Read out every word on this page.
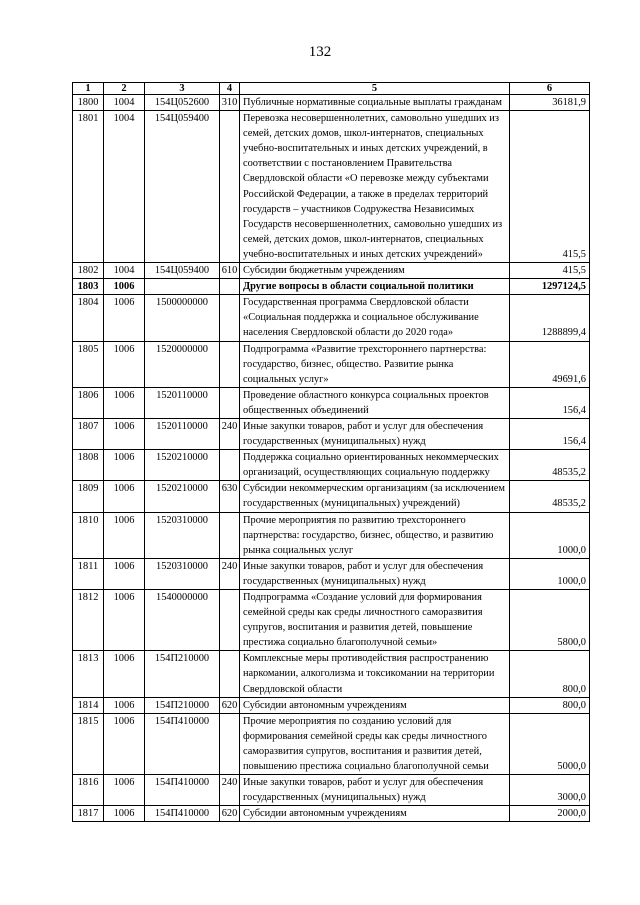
132
1	2	3	4	5	6
1800	1004	154Ц052600	310	Публичные нормативные социальные выплаты гражданам	36181,9
1801	1004	154Ц059400		Перевозка несовершеннолетних, самовольно ушедших из семей, детских домов, школ-интернатов, специальных учебно-воспитательных и иных детских учреждений, в соответствии с постановлением Правительства Свердловской области «О перевозке между субъектами Российской Федерации, а также в пределах территорий государств – участников Содружества Независимых Государств несовершеннолетних, самовольно ушедших из семей, детских домов, школ-интернатов, специальных учебно-воспитательных и иных детских учреждений»	415,5
1802	1004	154Ц059400	610	Субсидии бюджетным учреждениям	415,5
1803	1006			Другие вопросы в области социальной политики	1297124,5
1804	1006	1500000000		Государственная программа Свердловской области «Социальная поддержка и социальное обслуживание населения Свердловской области до 2020 года»	1288899,4
1805	1006	1520000000		Подпрограмма «Развитие трехстороннего партнерства: государство, бизнес, общество. Развитие рынка социальных услуг»	49691,6
1806	1006	1520110000		Проведение областного конкурса социальных проектов общественных объединений	156,4
1807	1006	1520110000	240	Иные закупки товаров, работ и услуг для обеспечения государственных (муниципальных) нужд	156,4
1808	1006	1520210000		Поддержка социально ориентированных некоммерческих организаций, осуществляющих социальную поддержку	48535,2
1809	1006	1520210000	630	Субсидии некоммерческим организациям (за исключением государственных (муниципальных) учреждений)	48535,2
1810	1006	1520310000		Прочие мероприятия по развитию трехстороннего партнерства: государство, бизнес, общество, и развитию рынка социальных услуг	1000,0
1811	1006	1520310000	240	Иные закупки товаров, работ и услуг для обеспечения государственных (муниципальных) нужд	1000,0
1812	1006	1540000000		Подпрограмма «Создание условий для формирования семейной среды как среды личностного саморазвития супругов, воспитания и развития детей, повышение престижа социально благополучной семьи»	5800,0
1813	1006	154П210000		Комплексные меры противодействия распространению наркомании, алкоголизма и токсикомании на территории Свердловской области	800,0
1814	1006	154П210000	620	Субсидии автономным учреждениям	800,0
1815	1006	154П410000		Прочие мероприятия по созданию условий для формирования семейной среды как среды личностного саморазвития супругов, воспитания и развития детей, повышению престижа социально благополучной семьи	5000,0
1816	1006	154П410000	240	Иные закупки товаров, работ и услуг для обеспечения государственных (муниципальных) нужд	3000,0
1817	1006	154П410000	620	Субсидии автономным учреждениям	2000,0
